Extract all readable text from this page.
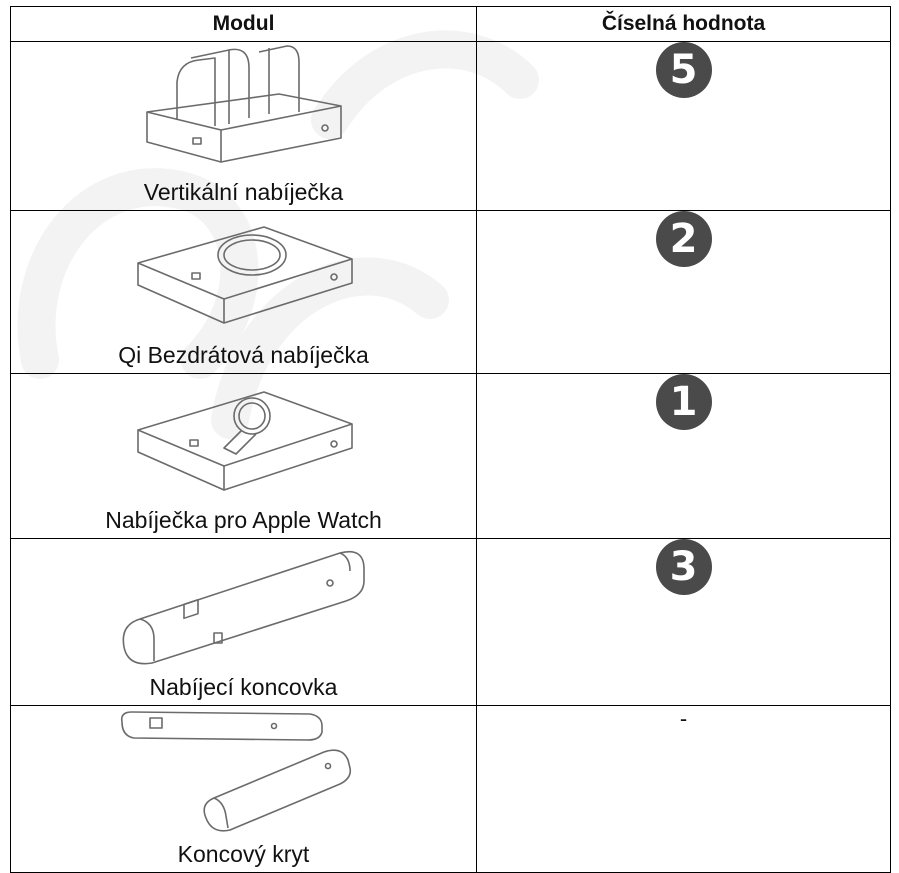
Modul	Číselná hodnota

Vertikální nabíječka	5

Qi Bezdrátová nabíječka	2

Nabíječka pro Apple Watch	1

Nabíjecí koncovka	3

Koncový kryt	-
